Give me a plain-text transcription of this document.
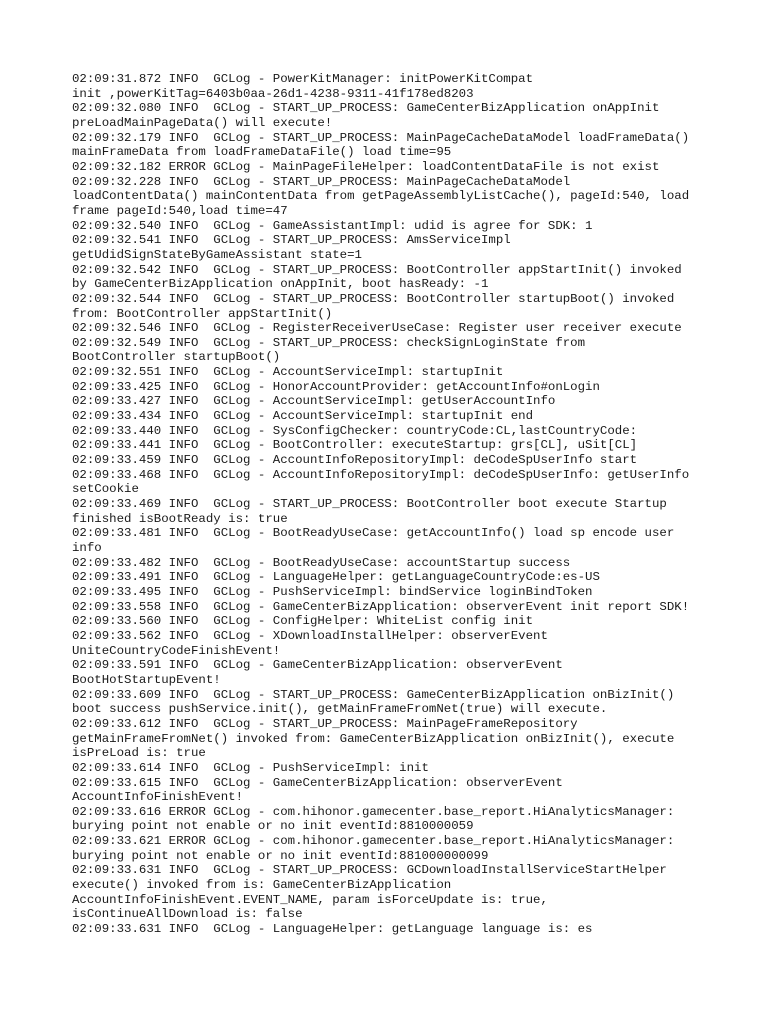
02:09:31.872 INFO  GCLog - PowerKitManager: initPowerKitCompat
init ,powerKitTag=6403b0aa-26d1-4238-9311-41f178ed8203
02:09:32.080 INFO  GCLog - START_UP_PROCESS: GameCenterBizApplication onAppInit
preLoadMainPageData() will execute!
02:09:32.179 INFO  GCLog - START_UP_PROCESS: MainPageCacheDataModel loadFrameData()
mainFrameData from loadFrameDataFile() load time=95
02:09:32.182 ERROR GCLog - MainPageFileHelper: loadContentDataFile is not exist
02:09:32.228 INFO  GCLog - START_UP_PROCESS: MainPageCacheDataModel
loadContentData() mainContentData from getPageAssemblyListCache(), pageId:540, load
frame pageId:540,load time=47
02:09:32.540 INFO  GCLog - GameAssistantImpl: udid is agree for SDK: 1
02:09:32.541 INFO  GCLog - START_UP_PROCESS: AmsServiceImpl
getUdidSignStateByGameAssistant state=1
02:09:32.542 INFO  GCLog - START_UP_PROCESS: BootController appStartInit() invoked
by GameCenterBizApplication onAppInit, boot hasReady: -1
02:09:32.544 INFO  GCLog - START_UP_PROCESS: BootController startupBoot() invoked
from: BootController appStartInit()
02:09:32.546 INFO  GCLog - RegisterReceiverUseCase: Register user receiver execute
02:09:32.549 INFO  GCLog - START_UP_PROCESS: checkSignLoginState from
BootController startupBoot()
02:09:32.551 INFO  GCLog - AccountServiceImpl: startupInit
02:09:33.425 INFO  GCLog - HonorAccountProvider: getAccountInfo#onLogin
02:09:33.427 INFO  GCLog - AccountServiceImpl: getUserAccountInfo
02:09:33.434 INFO  GCLog - AccountServiceImpl: startupInit end
02:09:33.440 INFO  GCLog - SysConfigChecker: countryCode:CL,lastCountryCode:
02:09:33.441 INFO  GCLog - BootController: executeStartup: grs[CL], uSit[CL]
02:09:33.459 INFO  GCLog - AccountInfoRepositoryImpl: deCodeSpUserInfo start
02:09:33.468 INFO  GCLog - AccountInfoRepositoryImpl: deCodeSpUserInfo: getUserInfo
setCookie
02:09:33.469 INFO  GCLog - START_UP_PROCESS: BootController boot execute Startup
finished isBootReady is: true
02:09:33.481 INFO  GCLog - BootReadyUseCase: getAccountInfo() load sp encode user
info
02:09:33.482 INFO  GCLog - BootReadyUseCase: accountStartup success
02:09:33.491 INFO  GCLog - LanguageHelper: getLanguageCountryCode:es-US
02:09:33.495 INFO  GCLog - PushServiceImpl: bindService loginBindToken
02:09:33.558 INFO  GCLog - GameCenterBizApplication: observerEvent init report SDK!
02:09:33.560 INFO  GCLog - ConfigHelper: WhiteList config init
02:09:33.562 INFO  GCLog - XDownloadInstallHelper: observerEvent
UniteCountryCodeFinishEvent!
02:09:33.591 INFO  GCLog - GameCenterBizApplication: observerEvent
BootHotStartupEvent!
02:09:33.609 INFO  GCLog - START_UP_PROCESS: GameCenterBizApplication onBizInit()
boot success pushService.init(), getMainFrameFromNet(true) will execute.
02:09:33.612 INFO  GCLog - START_UP_PROCESS: MainPageFrameRepository
getMainFrameFromNet() invoked from: GameCenterBizApplication onBizInit(), execute
isPreLoad is: true
02:09:33.614 INFO  GCLog - PushServiceImpl: init
02:09:33.615 INFO  GCLog - GameCenterBizApplication: observerEvent
AccountInfoFinishEvent!
02:09:33.616 ERROR GCLog - com.hihonor.gamecenter.base_report.HiAnalyticsManager:
burying point not enable or no init eventId:8810000059
02:09:33.621 ERROR GCLog - com.hihonor.gamecenter.base_report.HiAnalyticsManager:
burying point not enable or no init eventId:881000000099
02:09:33.631 INFO  GCLog - START_UP_PROCESS: GCDownloadInstallServiceStartHelper
execute() invoked from is: GameCenterBizApplication
AccountInfoFinishEvent.EVENT_NAME, param isForceUpdate is: true,
isContinueAllDownload is: false
02:09:33.631 INFO  GCLog - LanguageHelper: getLanguage language is: es
